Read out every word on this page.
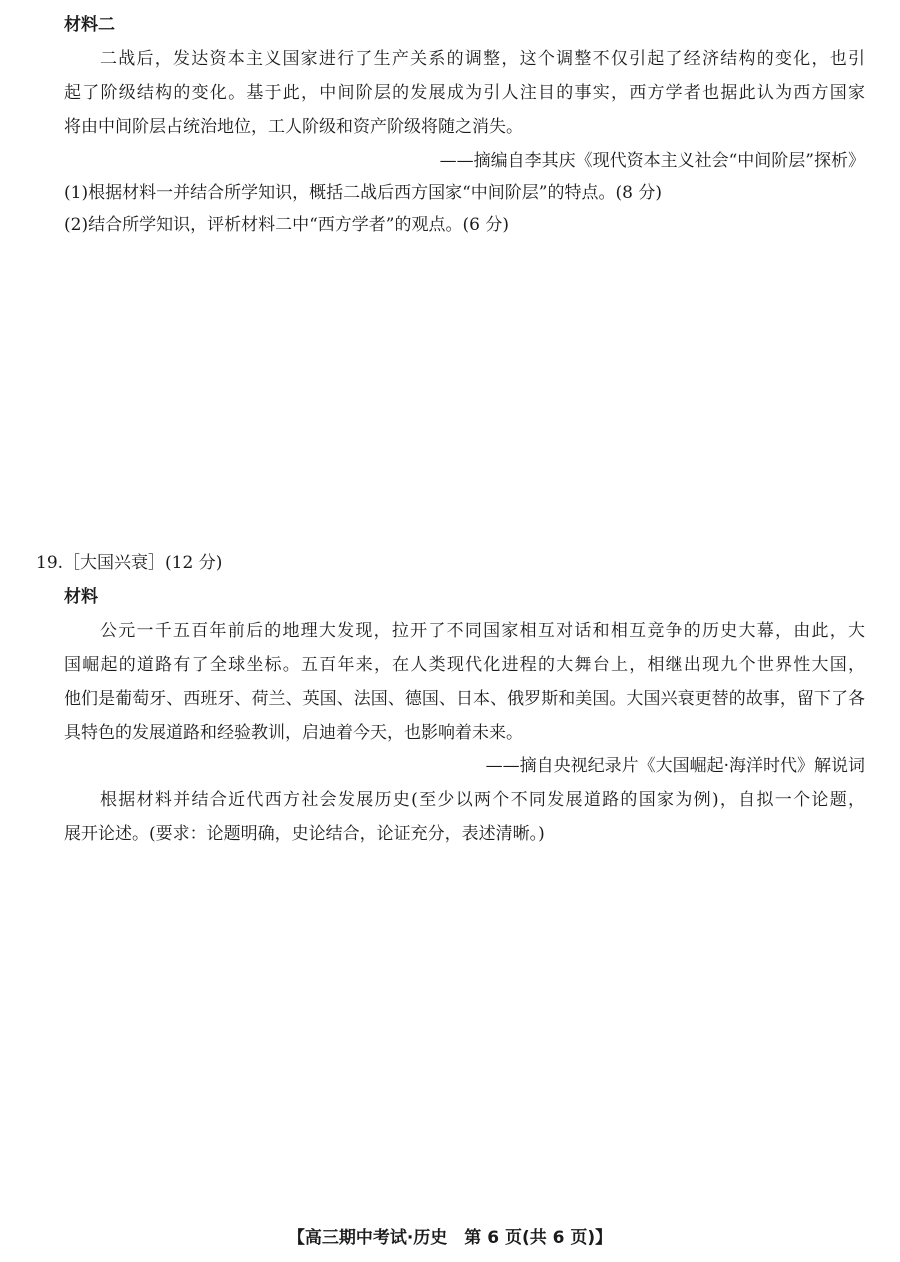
材料二
二战后，发达资本主义国家进行了生产关系的调整，这个调整不仅引起了经济结构的变化，也引
起了阶级结构的变化。基于此，中间阶层的发展成为引人注目的事实，西方学者也据此认为西方国家
将由中间阶层占统治地位，工人阶级和资产阶级将随之消失。
——摘编自李其庆《现代资本主义社会“中间阶层”探析》
(1)根据材料一并结合所学知识，概括二战后西方国家“中间阶层”的特点。(8 分)
(2)结合所学知识，评析材料二中“西方学者”的观点。(6 分)
19.［大国兴衰］(12 分)
材料
公元一千五百年前后的地理大发现，拉开了不同国家相互对话和相互竞争的历史大幕，由此，大
国崛起的道路有了全球坐标。五百年来，在人类现代化进程的大舞台上，相继出现九个世界性大国，
他们是葡萄牙、西班牙、荷兰、英国、法国、德国、日本、俄罗斯和美国。大国兴衰更替的故事，留下了各
具特色的发展道路和经验教训，启迪着今天，也影响着未来。
——摘自央视纪录片《大国崛起·海洋时代》解说词
根据材料并结合近代西方社会发展历史(至少以两个不同发展道路的国家为例)，自拟一个论题，
展开论述。(要求：论题明确，史论结合，论证充分，表述清晰。)
【高三期中考试·历史　第 6 页(共 6 页)】
